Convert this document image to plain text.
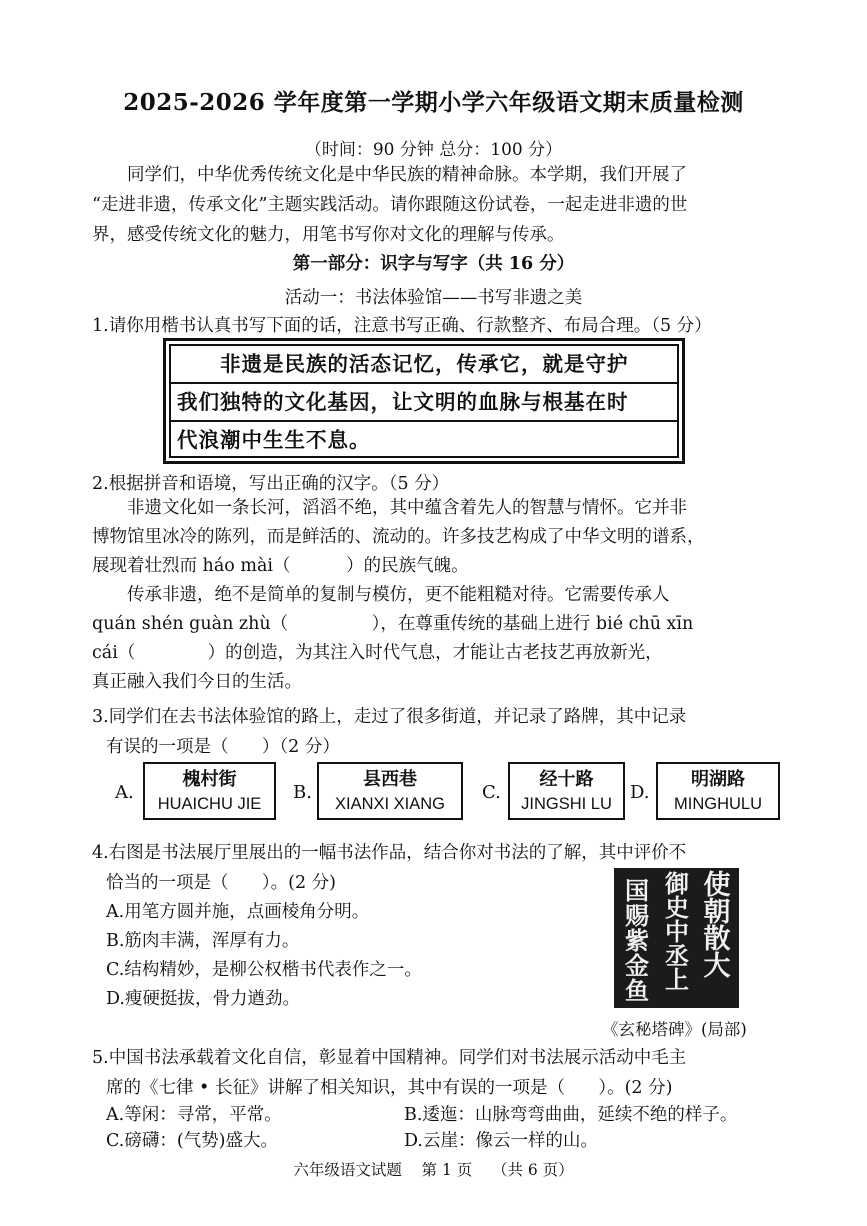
2025-2026 学年度第一学期小学六年级语文期末质量检测
（时间：90 分钟 总分：100 分）
同学们，中华优秀传统文化是中华民族的精神命脉。本学期，我们开展了
“走进非遗，传承文化”主题实践活动。请你跟随这份试卷，一起走进非遗的世
界，感受传统文化的魅力，用笔书写你对文化的理解与传承。
第一部分：识字与写字（共 16 分）
活动一：书法体验馆——书写非遗之美
1.请你用楷书认真书写下面的话，注意书写正确、行款整齐、布局合理。（5 分）
　　非遗是民族的活态记忆，传承它，就是守护
我们独特的文化基因，让文明的血脉与根基在时
代浪潮中生生不息。
2.根据拼音和语境，写出正确的汉字。（5 分）
非遗文化如一条长河，滔滔不绝，其中蕴含着先人的智慧与情怀。它并非
博物馆里冰冷的陈列，而是鲜活的、流动的。许多技艺构成了中华文明的谱系，
展现着壮烈而 háo mài（          ）的民族气魄。
传承非遗，绝不是简单的复制与模仿，更不能粗糙对待。它需要传承人
quán shén guàn zhù（               ），在尊重传统的基础上进行 bié chū xīn
cái（             ）的创造，为其注入时代气息，才能让古老技艺再放新光，
真正融入我们今日的生活。
3.同学们在去书法体验馆的路上，走过了很多街道，并记录了路牌，其中记录
有误的一项是（      ）（2 分）
A.
槐村街
HUAICHU JIE
B.
县西巷
XIANXI XIANG
C.
经十路
JINGSHI LU
D.
明湖路
MINGHULU
4.右图是书法展厅里展出的一幅书法作品，结合你对书法的了解，其中评价不
恰当的一项是（      ）。(2 分)
A.用笔方圆并施，点画棱角分明。
B.筋肉丰满，浑厚有力。
C.结构精妙，是柳公权楷书代表作之一。
D.瘦硬挺拔，骨力遒劲。
使
朝
散
大
御
史
中
丞
上
国
赐
紫
金
鱼
《玄秘塔碑》(局部)
5.中国书法承载着文化自信，彰显着中国精神。同学们对书法展示活动中毛主
席的《七律 • 长征》讲解了相关知识，其中有误的一项是（      ）。(2 分)
A.等闲：寻常，平常。	B.逶迤：山脉弯弯曲曲，延续不绝的样子。
C.磅礴：(气势)盛大。	D.云崖：像云一样的山。
六年级语文试题    第 1 页    （共 6 页）
